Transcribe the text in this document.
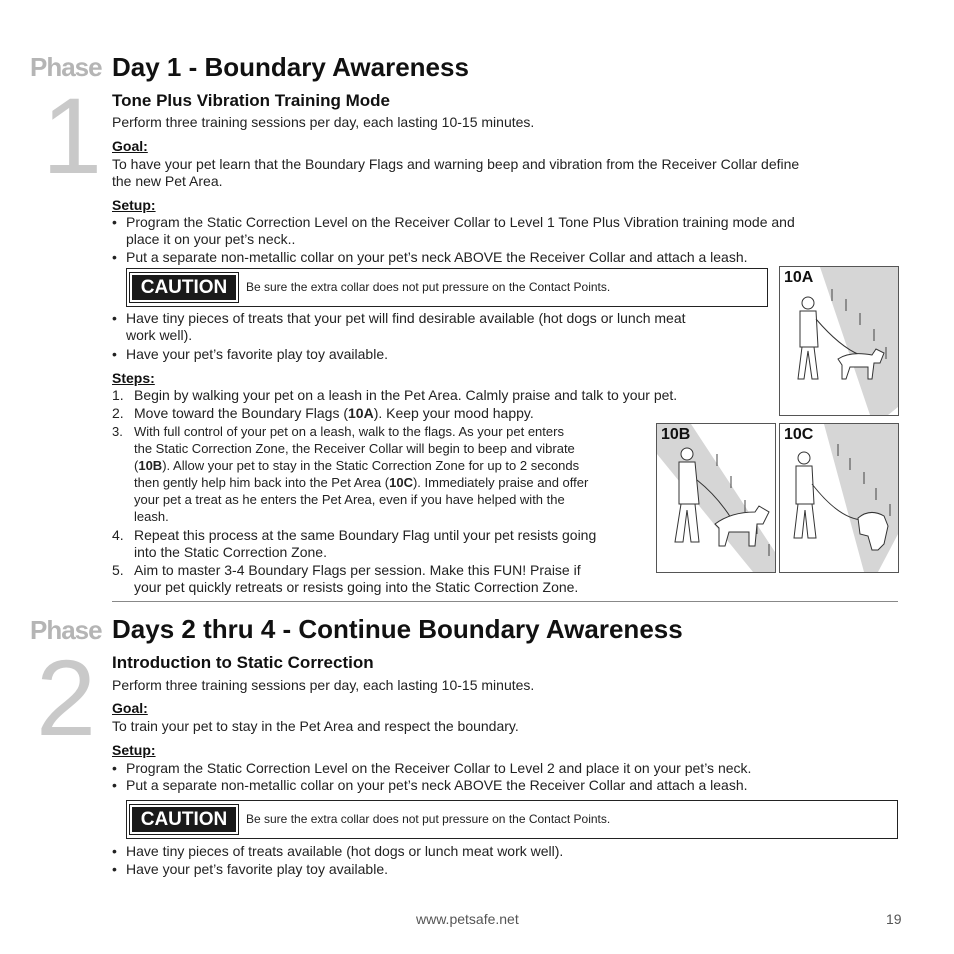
Phase
1
Day 1 - Boundary Awareness
Tone Plus Vibration Training Mode
Perform three training sessions per day, each lasting 10-15 minutes.
Goal:
To have your pet learn that the Boundary Flags and warning beep and vibration from the Receiver Collar define
the new Pet Area.
Setup:
• Program the Static Correction Level on the Receiver Collar to Level 1 Tone Plus Vibration training mode and
place it on your pet’s neck..
• Put a separate non-metallic collar on your pet’s neck ABOVE the Receiver Collar and attach a leash.
CAUTION	Be sure the extra collar does not put pressure on the Contact Points.
• Have tiny pieces of treats that your pet will find desirable available (hot dogs or lunch meat
work well).
• Have your pet’s favorite play toy available.
Steps:
1. Begin by walking your pet on a leash in the Pet Area. Calmly praise and talk to your pet.
2. Move toward the Boundary Flags (10A). Keep your mood happy.
3. With full control of your pet on a leash, walk to the flags. As your pet enters
the Static Correction Zone, the Receiver Collar will begin to beep and vibrate
(10B). Allow your pet to stay in the Static Correction Zone for up to 2 seconds
then gently help him back into the Pet Area (10C). Immediately praise and offer
your pet a treat as he enters the Pet Area, even if you have helped with the
leash.
4. Repeat this process at the same Boundary Flag until your pet resists going
into the Static Correction Zone.
5. Aim to master 3-4 Boundary Flags per session. Make this FUN! Praise if
your pet quickly retreats or resists going into the Static Correction Zone.
10A
10B	10C
Phase
2
Days 2 thru 4 - Continue Boundary Awareness
Introduction to Static Correction
Perform three training sessions per day, each lasting 10-15 minutes.
Goal:
To train your pet to stay in the Pet Area and respect the boundary.
Setup:
• Program the Static Correction Level on the Receiver Collar to Level 2 and place it on your pet’s neck.
• Put a separate non-metallic collar on your pet’s neck ABOVE the Receiver Collar and attach a leash.
CAUTION	Be sure the extra collar does not put pressure on the Contact Points.
• Have tiny pieces of treats available (hot dogs or lunch meat work well).
• Have your pet’s favorite play toy available.
www.petsafe.net	19
